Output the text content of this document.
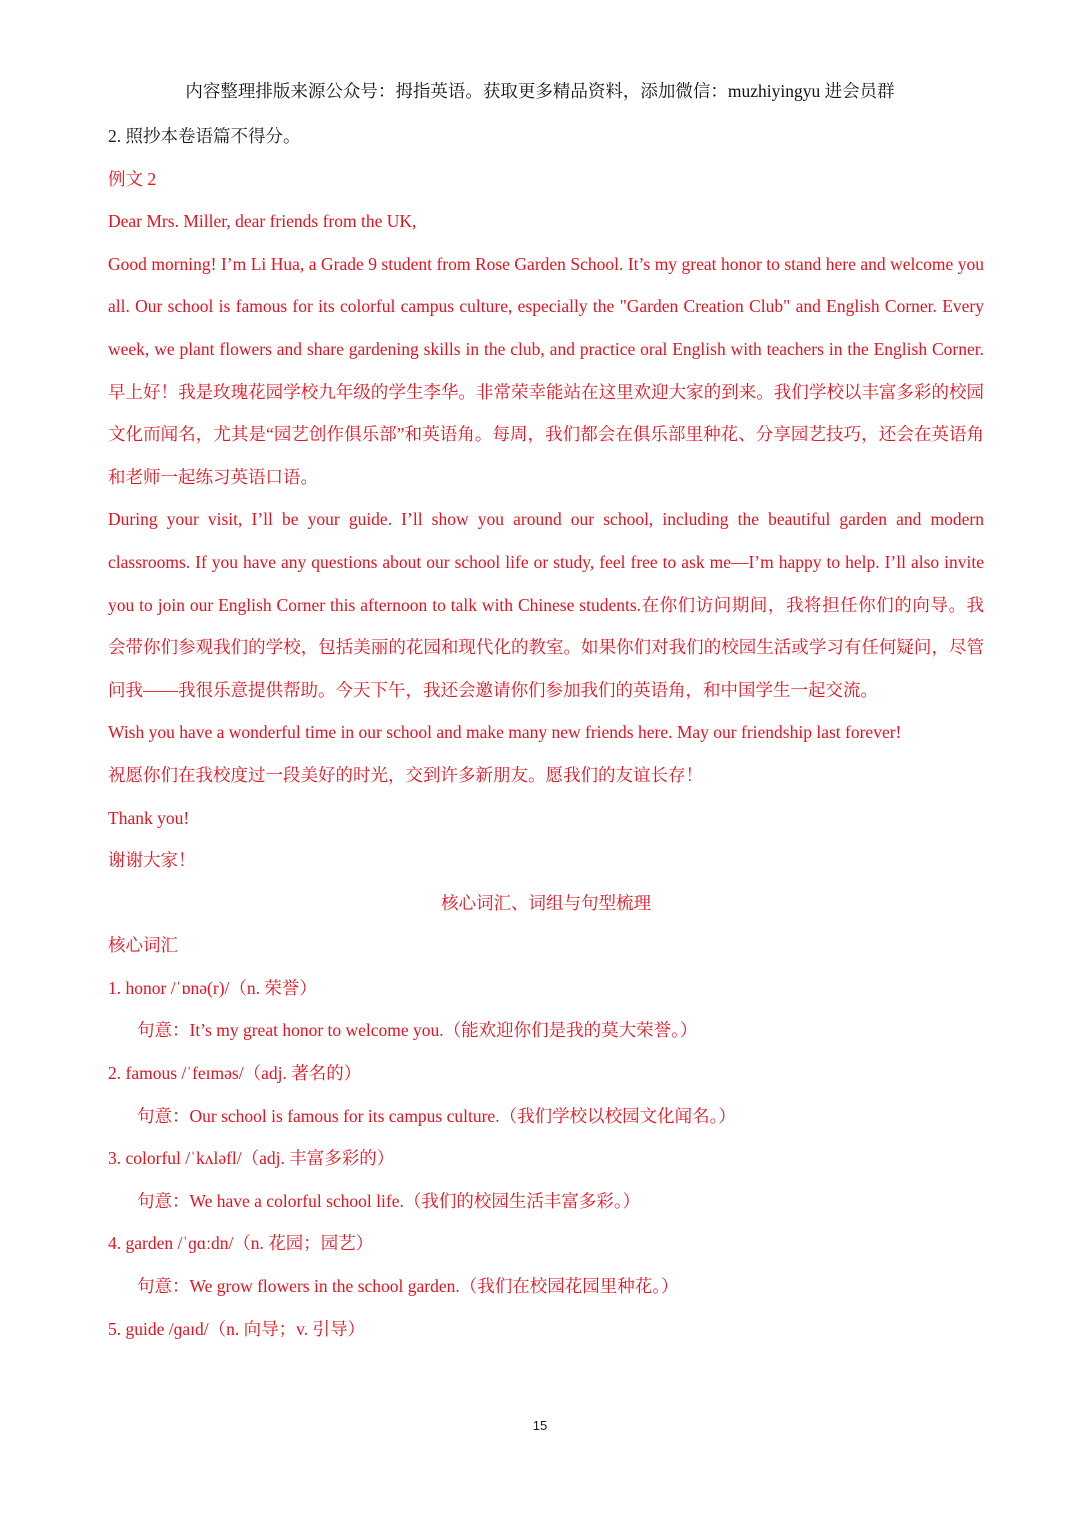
内容整理排版来源公众号：拇指英语。获取更多精品资料，添加微信：muzhiyingyu 进会员群

2. 照抄本卷语篇不得分。

例文 2

Dear Mrs. Miller, dear friends from the UK,

Good morning! I’m Li Hua, a Grade 9 student from Rose Garden School. It’s my great honor to stand here and welcome you all. Our school is famous for its colorful campus culture, especially the "Garden Creation Club" and English Corner. Every week, we plant flowers and share gardening skills in the club, and practice oral English with teachers in the English Corner.早上好！我是玫瑰花园学校九年级的学生李华。非常荣幸能站在这里欢迎大家的到来。我们学校以丰富多彩的校园文化而闻名，尤其是“园艺创作俱乐部”和英语角。每周，我们都会在俱乐部里种花、分享园艺技巧，还会在英语角和老师一起练习英语口语。

During your visit, I’ll be your guide. I’ll show you around our school, including the beautiful garden and modern classrooms. If you have any questions about our school life or study, feel free to ask me—I’m happy to help. I’ll also invite you to join our English Corner this afternoon to talk with Chinese students.在你们访问期间，我将担任你们的向导。我会带你们参观我们的学校，包括美丽的花园和现代化的教室。如果你们对我们的校园生活或学习有任何疑问，尽管问我——我很乐意提供帮助。今天下午，我还会邀请你们参加我们的英语角，和中国学生一起交流。

Wish you have a wonderful time in our school and make many new friends here. May our friendship last forever!

祝愿你们在我校度过一段美好的时光，交到许多新朋友。愿我们的友谊长存！

Thank you!

谢谢大家！

核心词汇、词组与句型梳理

核心词汇

1. honor /ˈɒnə(r)/（n. 荣誉）

句意：It’s my great honor to welcome you.（能欢迎你们是我的莫大荣誉。）

2. famous /ˈfeɪməs/（adj. 著名的）

句意：Our school is famous for its campus culture.（我们学校以校园文化闻名。）

3. colorful /ˈkʌləfl/（adj. 丰富多彩的）

句意：We have a colorful school life.（我们的校园生活丰富多彩。）

4. garden /ˈɡɑːdn/（n. 花园；园艺）

句意：We grow flowers in the school garden.（我们在校园花园里种花。）

5. guide /ɡaɪd/（n. 向导；v. 引导）

15
